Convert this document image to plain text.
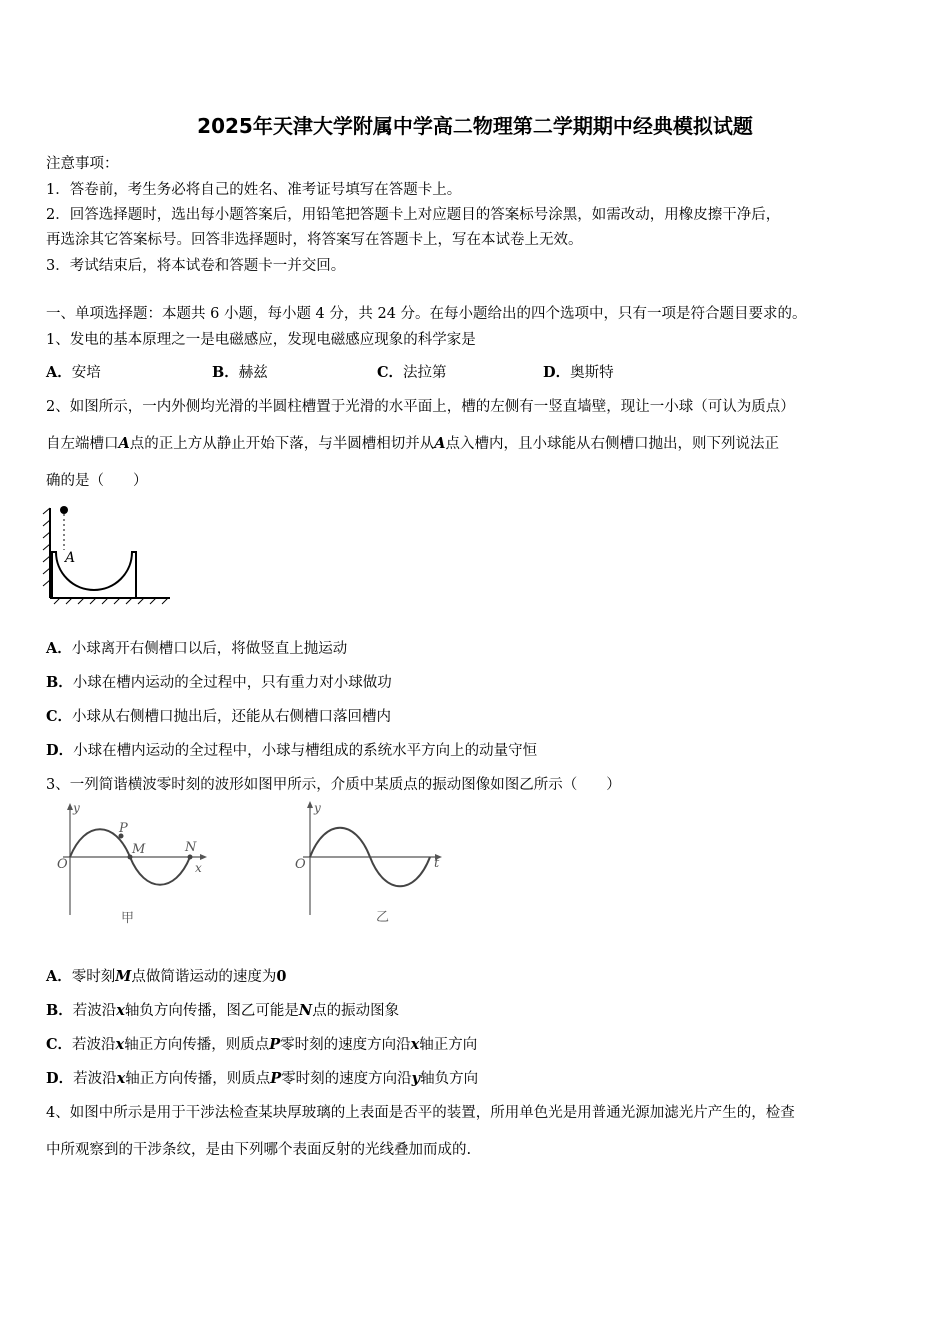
2025年天津大学附属中学高二物理第二学期期中经典模拟试题
注意事项：
1．答卷前，考生务必将自己的姓名、准考证号填写在答题卡上。
2．回答选择题时，选出每小题答案后，用铅笔把答题卡上对应题目的答案标号涂黑，如需改动，用橡皮擦干净后，
再选涂其它答案标号。回答非选择题时，将答案写在答题卡上，写在本试卷上无效。
3．考试结束后，将本试卷和答题卡一并交回。
一、单项选择题：本题共 6 小题，每小题 4 分，共 24 分。在每小题给出的四个选项中，只有一项是符合题目要求的。
1、发电的基本原理之一是电磁感应，发现电磁感应现象的科学家是
A．安培	B．赫兹	C．法拉第	D．奥斯特
2、如图所示，一内外侧均光滑的半圆柱槽置于光滑的水平面上，槽的左侧有一竖直墙壁，现让一小球（可认为质点）
自左端槽口A点的正上方从静止开始下落，与半圆槽相切并从A点入槽内，且小球能从右侧槽口抛出，则下列说法正
确的是（　　）
A
A．小球离开右侧槽口以后，将做竖直上抛运动
B．小球在槽内运动的全过程中，只有重力对小球做功
C．小球从右侧槽口抛出后，还能从右侧槽口落回槽内
D．小球在槽内运动的全过程中，小球与槽组成的系统水平方向上的动量守恒
3、一列简谐横波零时刻的波形如图甲所示，介质中某质点的振动图像如图乙所示（　　）
y
O
P
M	N
x
甲
y
O	t
乙
A．零时刻M点做简谐运动的速度为0
B．若波沿x轴负方向传播，图乙可能是N点的振动图象
C．若波沿x轴正方向传播，则质点P零时刻的速度方向沿x轴正方向
D．若波沿x轴正方向传播，则质点P零时刻的速度方向沿y轴负方向
4、如图中所示是用于干涉法检查某块厚玻璃的上表面是否平的装置，所用单色光是用普通光源加滤光片产生的，检查
中所观察到的干涉条纹，是由下列哪个表面反射的光线叠加而成的.
